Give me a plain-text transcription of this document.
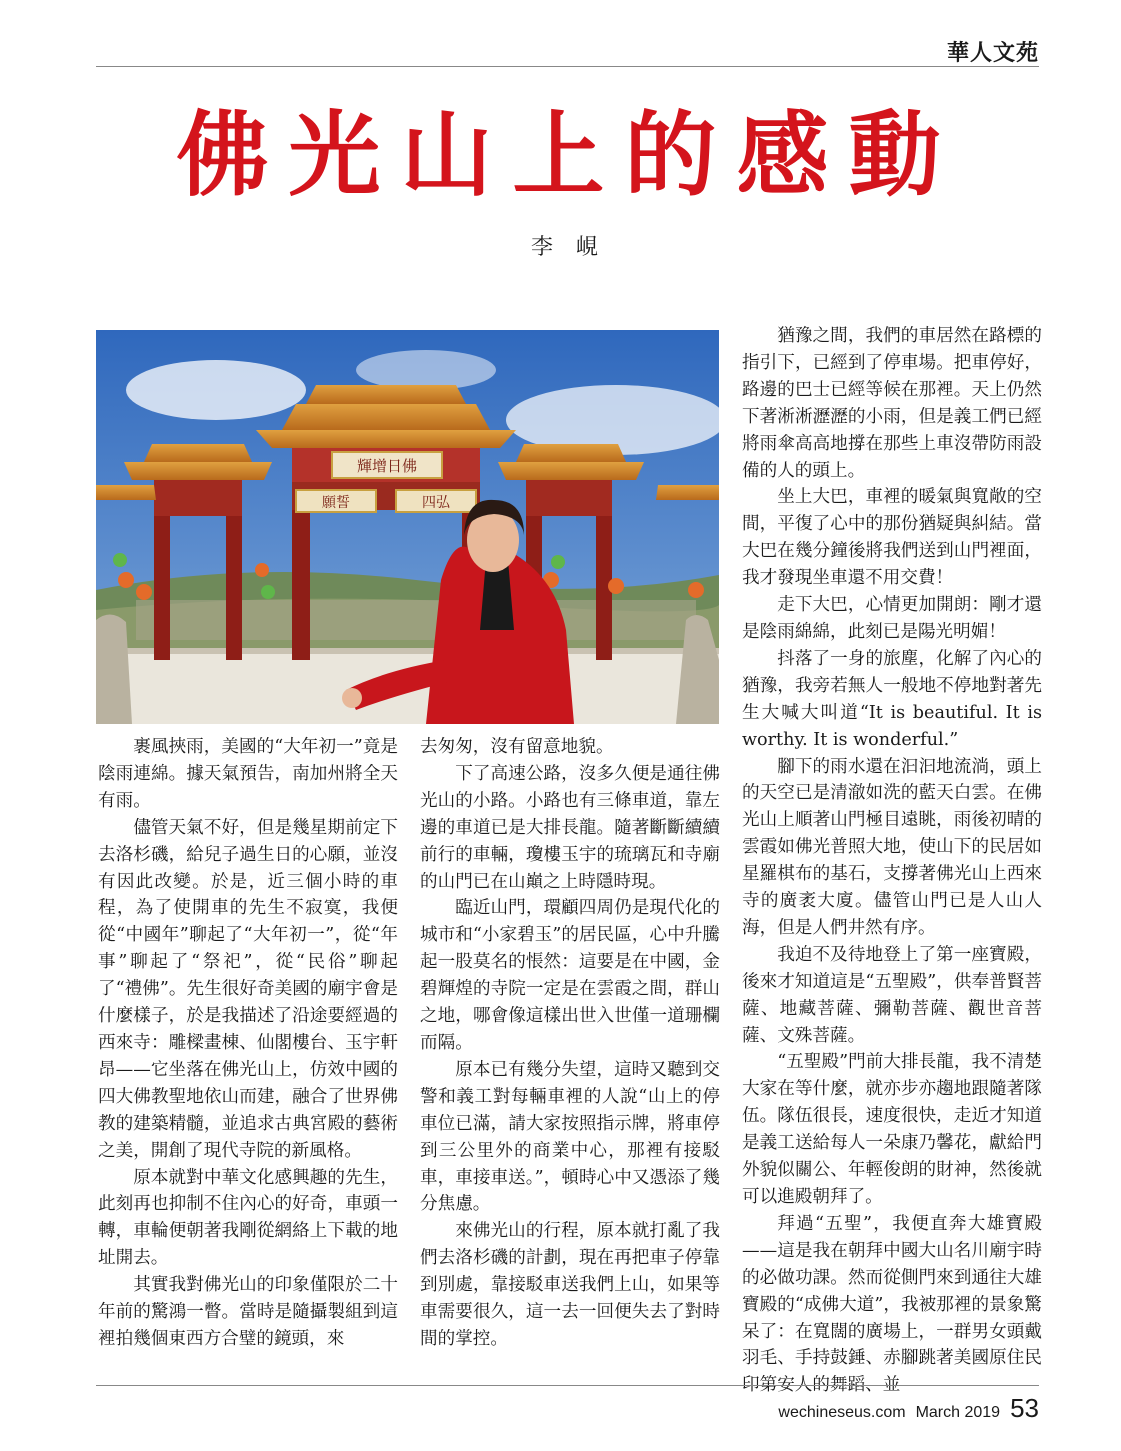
華人文苑
佛光山上的感動
李 峴
輝增日佛
願誓	四弘

裹風挾雨，美國的“大年初一”竟是陰雨連綿。據天氣預告，南加州將全天有雨。

儘管天氣不好，但是幾星期前定下去洛杉磯，給兒子過生日的心願，並沒有因此改變。於是，近三個小時的車程，為了使開車的先生不寂寞，我便從“中國年”聊起了“大年初一”，從“年事”聊起了“祭祀”，從“民俗”聊起了“禮佛”。先生很好奇美國的廟宇會是什麼樣子，於是我描述了沿途要經過的西來寺：雕樑畫棟、仙閣樓台、玉宇軒昂——它坐落在佛光山上，仿效中國的四大佛教聖地依山而建，融合了世界佛教的建築精髓，並追求古典宮殿的藝術之美，開創了現代寺院的新風格。

原本就對中華文化感興趣的先生，此刻再也抑制不住內心的好奇，車頭一轉，車輪便朝著我剛從網絡上下載的地址開去。

其實我對佛光山的印象僅限於二十年前的驚鴻一瞥。當時是隨攝製組到這裡拍幾個東西方合璧的鏡頭，來

去匆匆，沒有留意地貌。

下了高速公路，沒多久便是通往佛光山的小路。小路也有三條車道，靠左邊的車道已是大排長龍。隨著斷斷續續前行的車輛，瓊樓玉宇的琉璃瓦和寺廟的山門已在山巔之上時隱時現。

臨近山門，環顧四周仍是現代化的城市和“小家碧玉”的居民區，心中升騰起一股莫名的悵然：這要是在中國，金碧輝煌的寺院一定是在雲霞之間，群山之地，哪會像這樣出世入世僅一道珊欄而隔。

原本已有幾分失望，這時又聽到交警和義工對每輛車裡的人說“山上的停車位已滿，請大家按照指示牌，將車停到三公里外的商業中心，那裡有接駁車，車接車送。”，頓時心中又憑添了幾分焦慮。

來佛光山的行程，原本就打亂了我們去洛杉磯的計劃，現在再把車子停靠到別處，靠接駁車送我們上山，如果等車需要很久，這一去一回便失去了對時間的掌控。

猶豫之間，我們的車居然在路標的指引下，已經到了停車場。把車停好，路邊的巴士已經等候在那裡。天上仍然下著淅淅瀝瀝的小雨，但是義工們已經將雨傘高高地撐在那些上車沒帶防雨設備的人的頭上。

坐上大巴，車裡的暖氣與寬敞的空間，平復了心中的那份猶疑與糾結。當大巴在幾分鐘後將我們送到山門裡面，我才發現坐車還不用交費！

走下大巴，心情更加開朗：剛才還是陰雨綿綿，此刻已是陽光明媚！

抖落了一身的旅塵，化解了內心的猶豫，我旁若無人一般地不停地對著先生大喊大叫道“It is beautiful. It is worthy. It is wonderful.”

腳下的雨水還在汩汩地流淌，頭上的天空已是清澈如洗的藍天白雲。在佛光山上順著山門極目遠眺，雨後初晴的雲霞如佛光普照大地，使山下的民居如星羅棋布的基石，支撐著佛光山上西來寺的廣袤大廈。儘管山門已是人山人海，但是人們井然有序。

我迫不及待地登上了第一座寶殿，後來才知道這是“五聖殿”，供奉普賢菩薩、地藏菩薩、彌勒菩薩、觀世音菩薩、文殊菩薩。

“五聖殿”門前大排長龍，我不清楚大家在等什麼，就亦步亦趨地跟隨著隊伍。隊伍很長，速度很快，走近才知道是義工送給每人一朵康乃馨花，獻給門外貌似關公、年輕俊朗的財神，然後就可以進殿朝拜了。

拜過“五聖”，我便直奔大雄寶殿——這是我在朝拜中國大山名川廟宇時的必做功課。然而從側門來到通往大雄寶殿的“成佛大道”，我被那裡的景象驚呆了：在寬闊的廣場上，一群男女頭戴羽毛、手持鼓錘、赤腳跳著美國原住民印第安人的舞蹈、並

wechineseus.com March 2019 53
